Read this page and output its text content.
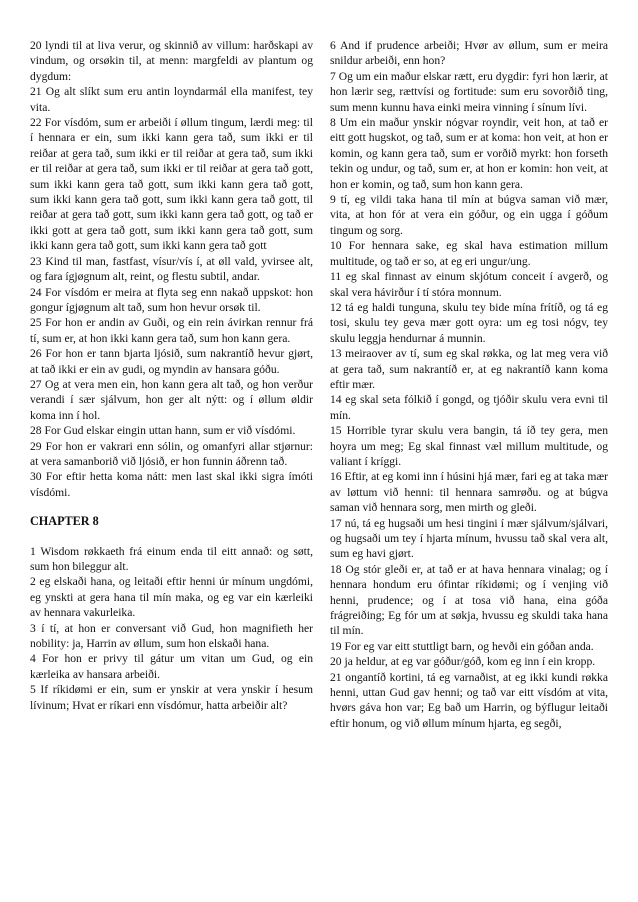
20 lyndi til at liva verur, og skinnið av villum: harðskapi av vindum, og orsøkin til, at menn: margfeldi av plantum og dygdum:

21 Og alt slíkt sum eru antin loyndarmál ella manifest, tey vita.

22 For vísdóm, sum er arbeiði í øllum tingum, lærdi meg: til í hennara er ein, sum ikki kann gera tað, sum ikki er til reiðar at gera tað, sum ikki er til reiðar at gera tað, sum ikki er til reiðar at gera tað, sum ikki er til reiðar at gera tað gott, sum ikki kann gera tað gott, sum ikki kann gera tað gott, sum ikki kann gera tað gott, sum ikki kann gera tað gott, til reiðar at gera tað gott, sum ikki kann gera tað gott, og tað er ikki gott at gera tað gott, sum ikki kann gera tað gott, sum ikki kann gera tað gott, sum ikki kann gera tað gott

23 Kind til man, fastfast, vísur/vís í, at øll vald, yvirsee alt, og fara ígjøgnum alt, reint, og flestu subtil, andar.

24 For vísdóm er meira at flyta seg enn nakað uppskot: hon gongur ígjøgnum alt tað, sum hon hevur orsøk til.

25 For hon er andin av Guði, og ein rein ávirkan rennur frá tí, sum er, at hon ikki kann gera tað, sum hon kann gera.

26 For hon er tann bjarta ljósið, sum nakrantíð hevur gjørt, at tað ikki er ein av gudi, og myndin av hansara góðu.

27 Og at vera men ein, hon kann gera alt tað, og hon verður verandi í sær sjálvum, hon ger alt nýtt: og í øllum øldir koma inn í hol.

28 For Gud elskar eingin uttan hann, sum er við vísdómi.

29 For hon er vakrari enn sólin, og omanfyri allar stjørnur: at vera samanborið við ljósið, er hon funnin áðrenn tað.

30 For eftir hetta koma nátt: men last skal ikki sigra ímóti vísdómi.

CHAPTER 8

1 Wisdom røkkaeth frá einum enda til eitt annað: og søtt, sum hon bileggur alt.

2 eg elskaði hana, og leitaði eftir henni úr mínum ungdómi, eg ynskti at gera hana til mín maka, og eg var ein kærleiki av hennara vakurleika.

3 í tí, at hon er conversant við Gud, hon magnifieth her nobility: ja, Harrin av øllum, sum hon elskaði hana.

4 For hon er privy til gátur um vitan um Gud, og ein kærleika av hansara arbeiði.

5 If ríkidømi er ein, sum er ynskir at vera ynskir í hesum lívinum; Hvat er ríkari enn vísdómur, hatta arbeiðir alt?

6 And if prudence arbeiði; Hvør av øllum, sum er meira snildur arbeiði, enn hon?

7 Og um ein maður elskar rætt, eru dygdir: fyri hon lærir, at hon lærir seg, rættvísi og fortitude: sum eru sovorðið ting, sum menn kunnu hava einki meira vinning í sínum lívi.

8 Um ein maður ynskir nógvar royndir, veit hon, at tað er eitt gott hugskot, og tað, sum er at koma: hon veit, at hon er komin, og kann gera tað, sum er vorðið myrkt: hon forseth tekin og undur, og tað, sum er, at hon er komin: hon veit, at hon er komin, og tað, sum hon kann gera.

9 tí, eg vildi taka hana til mín at búgva saman við mær, vita, at hon fór at vera ein góður, og ein ugga í góðum tingum og sorg.

10 For hennara sake, eg skal hava estimation millum multitude, og tað er so, at eg eri ungur/ung.

11 eg skal finnast av einum skjótum conceit í avgerð, og skal vera hávirður í tí stóra monnum.

12 tá eg haldi tunguna, skulu tey bide mína frítíð, og tá eg tosi, skulu tey geva mær gott oyra: um eg tosi nógv, tey skulu leggja hendurnar á munnin.

13 meiraover av tí, sum eg skal røkka, og lat meg vera við at gera tað, sum nakrantíð er, at eg nakrantíð kann koma eftir mær.

14 eg skal seta fólkið í gongd, og tjóðir skulu vera evni til mín.

15 Horrible tyrar skulu vera bangin, tá íð tey gera, men hoyra um meg; Eg skal finnast væl millum multitude, og valiant í kríggi.

16 Eftir, at eg komi inn í húsini hjá mær, fari eg at taka mær av løttum við henni: til hennara samrøðu. og at búgva saman við hennara sorg, men mirth og gleði.

17 nú, tá eg hugsaði um hesi tingini í mær sjálvum/sjálvari, og hugsaði um tey í hjarta mínum, hvussu tað skal vera alt, sum eg havi gjørt.

18 Og stór gleði er, at tað er at hava hennara vinalag; og í hennara hondum eru ófintar ríkidømi; og í venjing við henni, prudence; og í at tosa við hana, eina góða frágreiðing; Eg fór um at søkja, hvussu eg skuldi taka hana til mín.

19 For eg var eitt stuttligt barn, og hevði ein góðan anda.

20 ja heldur, at eg var góður/góð, kom eg inn í ein kropp.

21 ongantíð kortini, tá eg varnaðist, at eg ikki kundi røkka henni, uttan Gud gav henni; og tað var eitt vísdóm at vita, hvørs gáva hon var; Eg bað um Harrin, og býflugur leitaði eftir honum, og við øllum mínum hjarta, eg segði,
